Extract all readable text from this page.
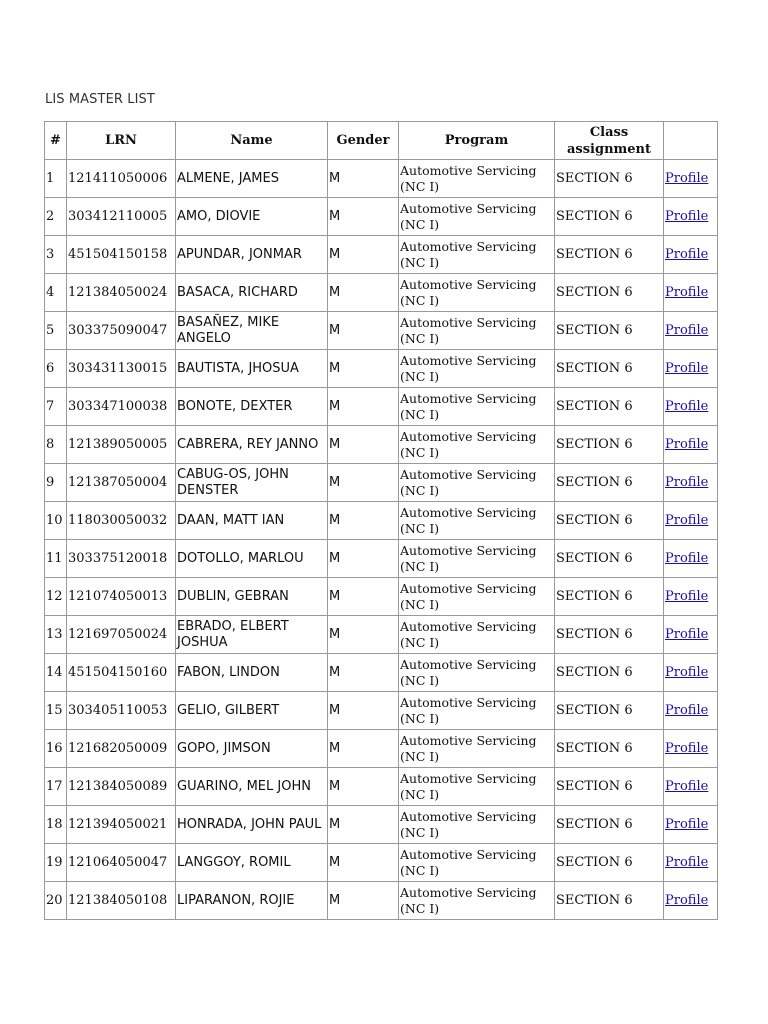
LIS MASTER LIST
#	LRN	Name	Gender	Program	Class assignment	
1	121411050006	ALMENE, JAMES	M	Automotive Servicing (NC I)	SECTION 6	Profile
2	303412110005	AMO, DIOVIE	M	Automotive Servicing (NC I)	SECTION 6	Profile
3	451504150158	APUNDAR, JONMAR	M	Automotive Servicing (NC I)	SECTION 6	Profile
4	121384050024	BASACA, RICHARD	M	Automotive Servicing (NC I)	SECTION 6	Profile
5	303375090047	BASAÑEZ, MIKE ANGELO	M	Automotive Servicing (NC I)	SECTION 6	Profile
6	303431130015	BAUTISTA, JHOSUA	M	Automotive Servicing (NC I)	SECTION 6	Profile
7	303347100038	BONOTE, DEXTER	M	Automotive Servicing (NC I)	SECTION 6	Profile
8	121389050005	CABRERA, REY JANNO	M	Automotive Servicing (NC I)	SECTION 6	Profile
9	121387050004	CABUG-OS, JOHN DENSTER	M	Automotive Servicing (NC I)	SECTION 6	Profile
10	118030050032	DAAN, MATT IAN	M	Automotive Servicing (NC I)	SECTION 6	Profile
11	303375120018	DOTOLLO, MARLOU	M	Automotive Servicing (NC I)	SECTION 6	Profile
12	121074050013	DUBLIN, GEBRAN	M	Automotive Servicing (NC I)	SECTION 6	Profile
13	121697050024	EBRADO, ELBERT JOSHUA	M	Automotive Servicing (NC I)	SECTION 6	Profile
14	451504150160	FABON, LINDON	M	Automotive Servicing (NC I)	SECTION 6	Profile
15	303405110053	GELIO, GILBERT	M	Automotive Servicing (NC I)	SECTION 6	Profile
16	121682050009	GOPO, JIMSON	M	Automotive Servicing (NC I)	SECTION 6	Profile
17	121384050089	GUARINO, MEL JOHN	M	Automotive Servicing (NC I)	SECTION 6	Profile
18	121394050021	HONRADA, JOHN PAUL	M	Automotive Servicing (NC I)	SECTION 6	Profile
19	121064050047	LANGGOY, ROMIL	M	Automotive Servicing (NC I)	SECTION 6	Profile
20	121384050108	LIPARANON, ROJIE	M	Automotive Servicing (NC I)	SECTION 6	Profile
